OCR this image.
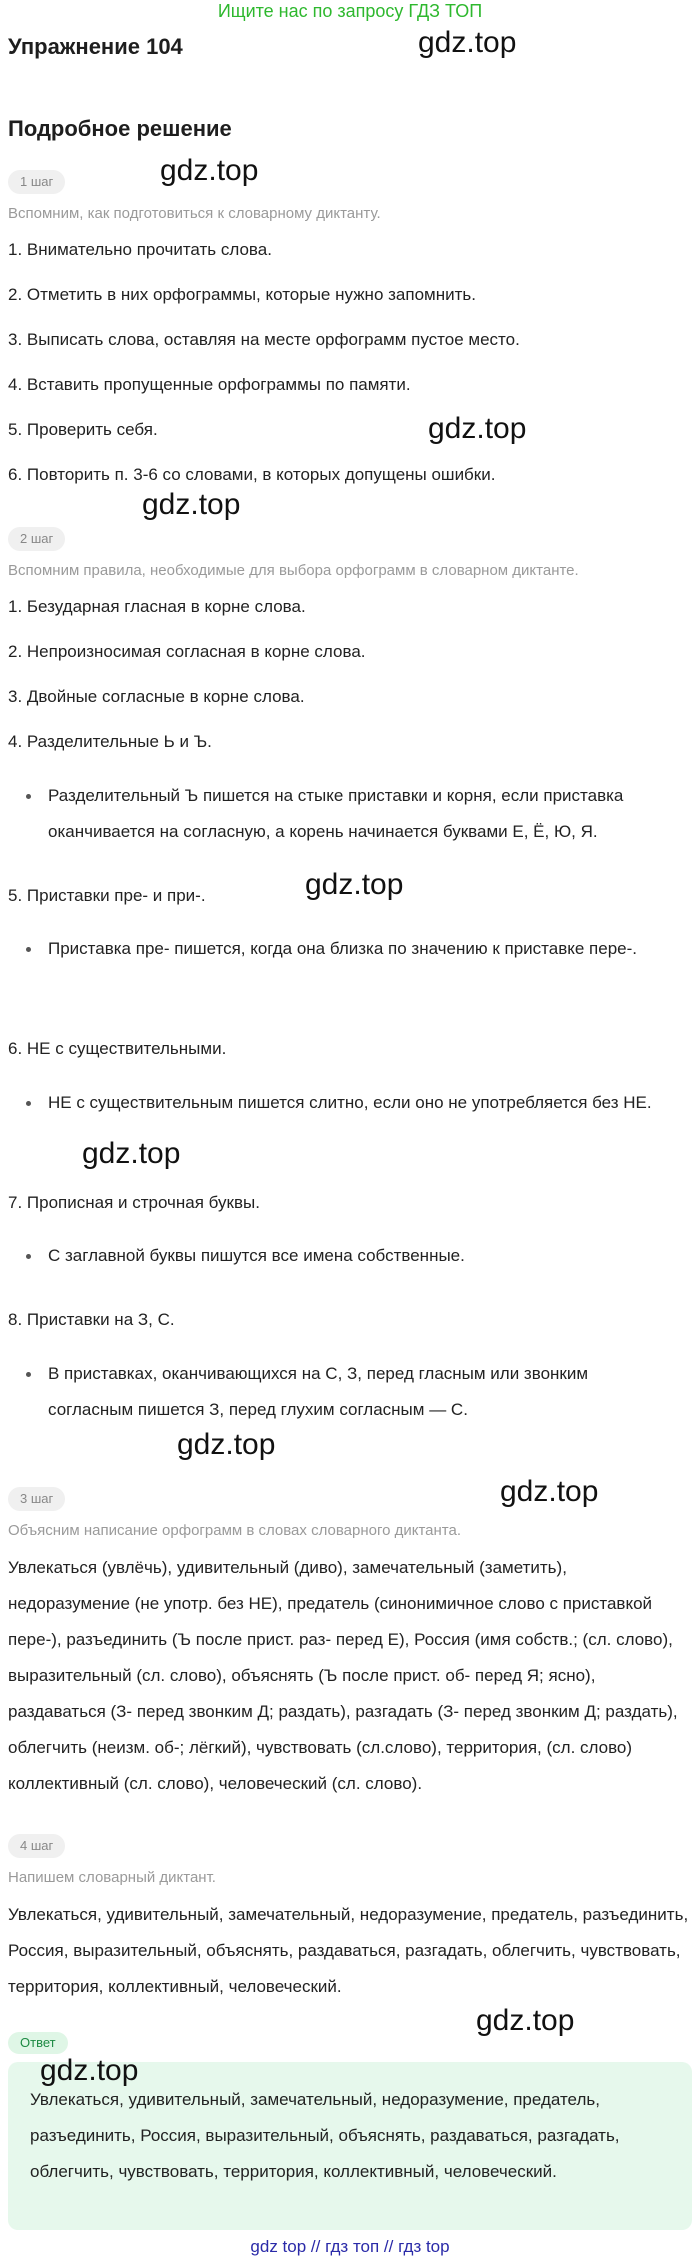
Ищите нас по запросу ГДЗ ТОП
Упражнение 104	gdz.top
Подробное решение
1 шаг	gdz.top
Вспомним, как подготовиться к словарному диктанту.
1. Внимательно прочитать слова.
2. Отметить в них орфограммы, которые нужно запомнить.
3. Выписать слова, оставляя на месте орфограмм пустое место.
4. Вставить пропущенные орфограммы по памяти.
5. Проверить себя.	gdz.top
6. Повторить п. 3-6 со словами, в которых допущены ошибки.
gdz.top
2 шаг
Вспомним правила, необходимые для выбора орфограмм в словарном диктанте.
1. Безударная гласная в корне слова.
2. Непроизносимая согласная в корне слова.
3. Двойные согласные в корне слова.
4. Разделительные Ь и Ъ.
Разделительный Ъ пишется на стыке приставки и корня, если приставка оканчивается на согласную, а корень начинается буквами Е, Ё, Ю, Я.
5. Приставки пре- и при-.	gdz.top
Приставка пре- пишется, когда она близка по значению к приставке пере-.
6. НЕ с существительными.
НЕ с существительным пишется слитно, если оно не употребляется без НЕ.
gdz.top
7. Прописная и строчная буквы.
С заглавной буквы пишутся все имена собственные.
8. Приставки на З, С.
В приставках, оканчивающихся на С, З, перед гласным или звонким согласным пишется З, перед глухим согласным — С.
gdz.top
gdz.top
3 шаг
Объясним написание орфограмм в словах словарного диктанта.
Увлекаться (увлёчь), удивительный (диво), замечательный (заметить), недоразумение (не употр. без НЕ), предатель (синонимичное слово с приставкой пере-), разъединить (Ъ после прист. раз- перед Е), Россия (имя собств.; (сл. слово), выразительный (сл. слово), объяснять (Ъ после прист. об- перед Я; ясно), раздаваться (З- перед звонким Д; раздать), разгадать (З- перед звонким Д; раздать), облегчить (неизм. об-; лёгкий), чувствовать (сл.слово), территория, (сл. слово) коллективный (сл. слово), человеческий (сл. слово).
4 шаг
Напишем словарный диктант.
Увлекаться, удивительный, замечательный, недоразумение, предатель, разъединить, Россия, выразительный, объяснять, раздаваться, разгадать, облегчить, чувствовать, территория, коллективный, человеческий.
gdz.top
Ответ
gdz.top
Увлекаться, удивительный, замечательный, недоразумение, предатель, разъединить, Россия, выразительный, объяснять, раздаваться, разгадать, облегчить, чувствовать, территория, коллективный, человеческий.
gdz top // гдз топ // гдз top
